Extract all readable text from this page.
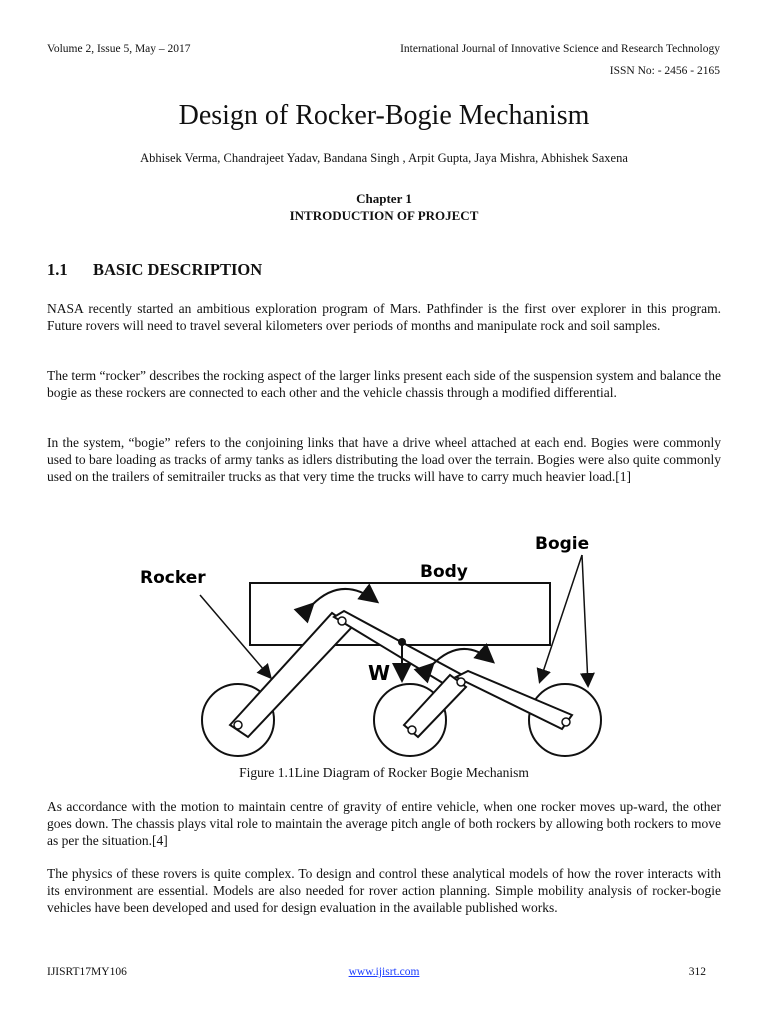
Volume 2, Issue 5, May – 2017	International Journal of Innovative Science and Research Technology
ISSN No: - 2456 - 2165
Design of Rocker-Bogie Mechanism
Abhisek Verma, Chandrajeet Yadav, Bandana Singh , Arpit Gupta, Jaya Mishra, Abhishek Saxena
Chapter 1
INTRODUCTION OF PROJECT
1.1 BASIC DESCRIPTION
NASA recently started an ambitious exploration program of Mars. Pathfinder is the first over explorer in this program. Future rovers will need to travel several kilometers over periods of months and manipulate rock and soil samples.
The term “rocker” describes the rocking aspect of the larger links present each side of the suspension system and balance the bogie as these rockers are connected to each other and the vehicle chassis through a modified differential.
In the system, “bogie” refers to the conjoining links that have a drive wheel attached at each end. Bogies were commonly used to bare loading as tracks of army tanks as idlers distributing the load over the terrain. Bogies were also quite commonly used on the trailers of semitrailer trucks as that very time the trucks will have to carry much heavier load.[1]
Rocker	Body
Bogie
W
Figure 1.1Line Diagram of Rocker Bogie Mechanism
As accordance with the motion to maintain centre of gravity of entire vehicle, when one rocker moves up-ward, the other goes down. The chassis plays vital role to maintain the average pitch angle of both rockers by allowing both rockers to move as per the situation.[4]
The physics of these rovers is quite complex. To design and control these analytical models of how the rover interacts with its environment are essential. Models are also needed for rover action planning. Simple mobility analysis of rocker-bogie vehicles have been developed and used for design evaluation in the available published works.
IJISRT17MY106	www.ijisrt.com	312
